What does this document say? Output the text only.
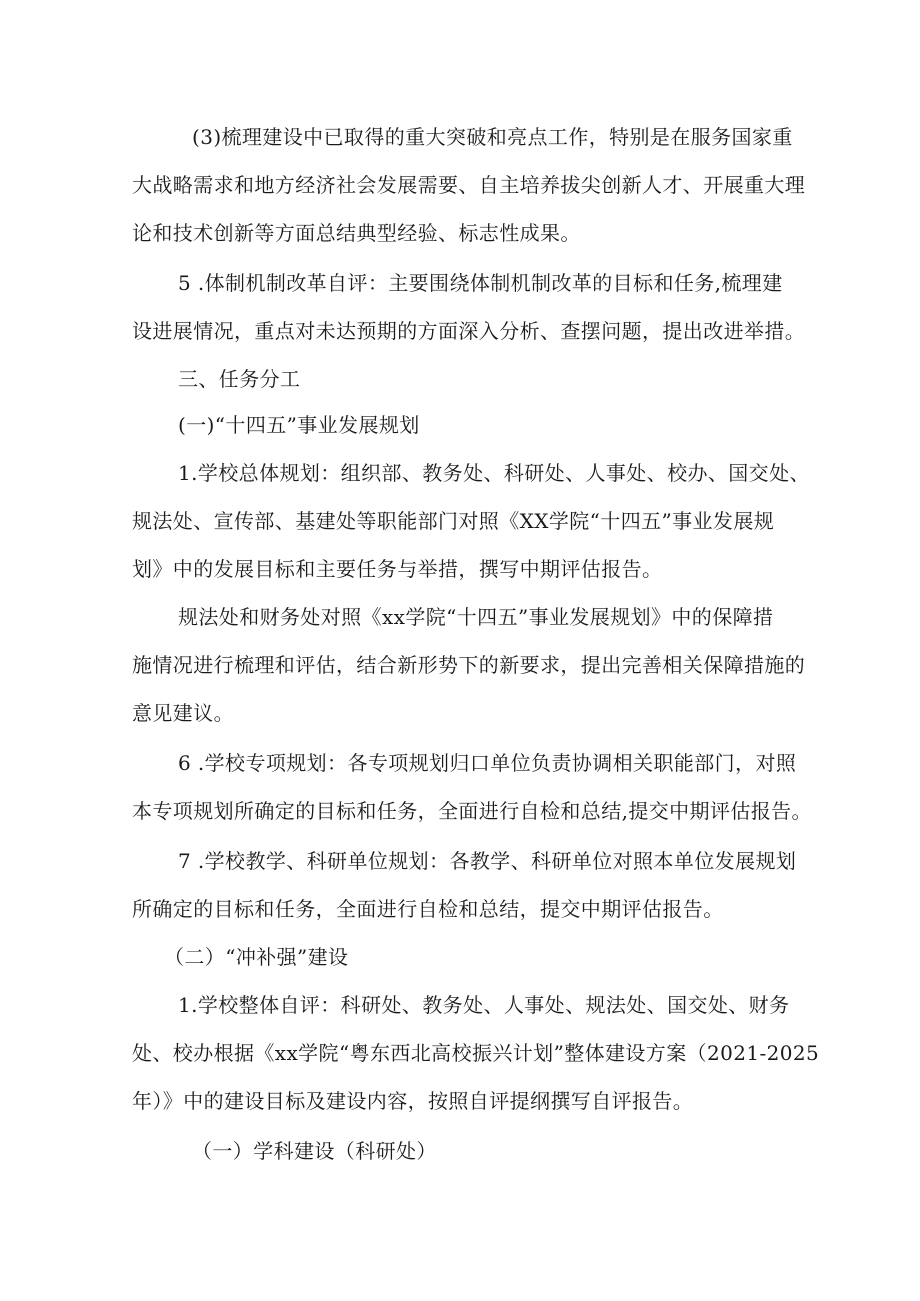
(3)梳理建设中已取得的重大突破和亮点工作，特别是在服务国家重
大战略需求和地方经济社会发展需要、自主培养拔尖创新人才、开展重大理
论和技术创新等方面总结典型经验、标志性成果。
5 .体制机制改革自评：主要围绕体制机制改革的目标和任务,梳理建
设进展情况，重点对未达预期的方面深入分析、查摆问题，提出改进举措。
三、任务分工
(一)“十四五”事业发展规划
1.学校总体规划：组织部、教务处、科研处、人事处、校办、国交处、
规法处、宣传部、基建处等职能部门对照《XX学院“十四五”事业发展规
划》中的发展目标和主要任务与举措，撰写中期评估报告。
规法处和财务处对照《xx学院“十四五”事业发展规划》中的保障措
施情况进行梳理和评估，结合新形势下的新要求，提出完善相关保障措施的
意见建议。
6 .学校专项规划：各专项规划归口单位负责协调相关职能部门，对照
本专项规划所确定的目标和任务，全面进行自检和总结,提交中期评估报告。
7 .学校教学、科研单位规划：各教学、科研单位对照本单位发展规划
所确定的目标和任务，全面进行自检和总结，提交中期评估报告。
（二）“冲补强”建设
1.学校整体自评：科研处、教务处、人事处、规法处、国交处、财务
处、校办根据《xx学院“粤东西北高校振兴计划”整体建设方案（2021-2025
年）》中的建设目标及建设内容，按照自评提纲撰写自评报告。
（一）学科建设（科研处）
